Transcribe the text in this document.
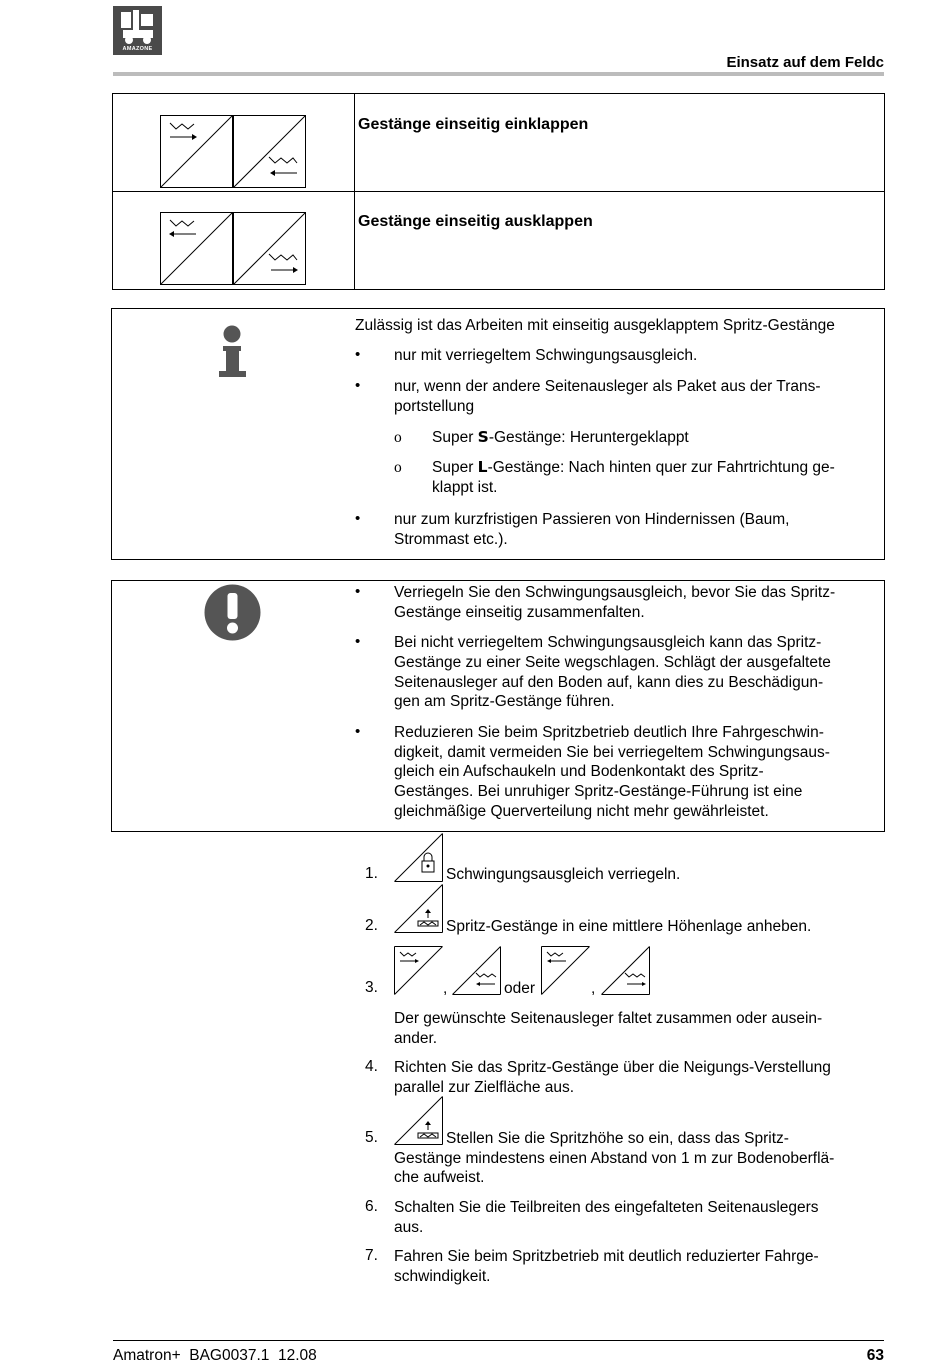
AMAZONE
Einsatz auf dem Feldc
Gestänge einseitig einklappen
Gestänge einseitig ausklappen
Zulässig ist das Arbeiten mit einseitig ausgeklapptem Spritz-Gestänge
• nur mit verriegeltem Schwingungsausgleich.
• nur, wenn der andere Seitenausleger als Paket aus der Trans-
portstellung
ο Super S-Gestänge: Heruntergeklappt
ο Super L-Gestänge: Nach hinten quer zur Fahrtrichtung ge-
klappt ist.
• nur zum kurzfristigen Passieren von Hindernissen (Baum,
Strommast etc.).
• Verriegeln Sie den Schwingungsausgleich, bevor Sie das Spritz-
Gestänge einseitig zusammenfalten.
• Bei nicht verriegeltem Schwingungsausgleich kann das Spritz-
Gestänge zu einer Seite wegschlagen. Schlägt der ausgefaltete
Seitenausleger auf den Boden auf, kann dies zu Beschädigun-
gen am Spritz-Gestänge führen.
• Reduzieren Sie beim Spritzbetrieb deutlich Ihre Fahrgeschwin-
digkeit, damit vermeiden Sie bei verriegeltem Schwingungsaus-
gleich ein Aufschaukeln und Bodenkontakt des Spritz-
Gestänges. Bei unruhiger Spritz-Gestänge-Führung ist eine
gleichmäßige Querverteilung nicht mehr gewährleistet.
1.	Schwingungsausgleich verriegeln.
2.	Spritz-Gestänge in eine mittlere Höhenlage anheben.
3.	,	oder	,
Der gewünschte Seitenausleger faltet zusammen oder ausein-
ander.
4. Richten Sie das Spritz-Gestänge über die Neigungs-Verstellung
parallel zur Zielfläche aus.
5.	Stellen Sie die Spritzhöhe so ein, dass das Spritz-
Gestänge mindestens einen Abstand von 1 m zur Bodenoberflä-
che aufweist.
6. Schalten Sie die Teilbreiten des eingefalteten Seitenauslegers
aus.
7. Fahren Sie beim Spritzbetrieb mit deutlich reduzierter Fahrge-
schwindigkeit.
Amatron+  BAG0037.1  12.08	63
